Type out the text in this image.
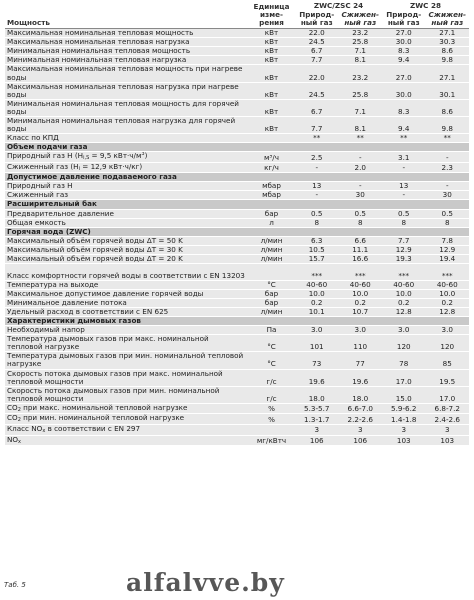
Мощность	Единица изме-рения	ZWC/ZSC 24		ZWC 28	
		Природ-ный газ	Сжижен-ный газ	Природ-ный газ	Сжижен-ный газ
Максимальная номинальная тепловая мощность	кВт	22.0	23.2	27.0	27.1
Максимальная номинальная тепловая нагрузка	кВт	24.5	25.8	30.0	30.3
Минимальная номинальная тепловая мощность	кВт	6.7	7.1	8.3	8.6
Минимальная номинальная тепловая нагрузка	кВт	7.7	8.1	9.4	9.8
Максимальная номинальная тепловая мощность при нагреве воды	кВт	22.0	23.2	27.0	27.1
Максимальная номинальная тепловая нагрузка при нагреве воды	кВт	24.5	25.8	30.0	30.1
Минимальная номинальная тепловая мощность для горячей воды	кВт	6.7	7.1	8.3	8.6
Минимальная номинальная тепловая нагрузка для горячей воды	кВт	7.7	8.1	9.4	9.8
Класс по КПД		**	**	**	**
Объем подачи газа					
Природный газ H ($H_{i,S} = 9,5$ $кВт\cdot ч/м^3$)	м³/ч	2.5	-	3.1	-
Сжиженный газ ($H_i = 12,9$ кВт·ч/кг)	кг/ч	-	2.0	-	2.3
Допустимое давление подаваемого газа					
Природный газ H	мбар	13	-	13	-
Сжиженный газ	мбар	-	30	-	30
Расширительный бак					
Предварительное давление	бар	0.5	0.5	0.5	0.5
Общая емкость	л	8	8	8	8
Горячая вода (ZWC)					
Максимальный объём горячей воды ΔT = 50 K	л/мин	6.3	6.6	7.7	7.8
Максимальный объём горячей воды ΔT = 30 K	л/мин	10.5	11.1	12.9	12.9
Максимальный объём горячей воды ΔT = 20 K	л/мин	15.7	16.6	19.3	19.4
Класс комфортности горячей воды в соответствии с EN 13203		***	***	***	***
Температура на выходе	°C	40-60	40-60	40-60	40-60
Максимальное допустимое давление горячей воды	бар	10.0	10.0	10.0	10.0
Минимальное давление потока	бар	0.2	0.2	0.2	0.2
Удельный расход в соответствии с EN 625	л/мин	10.1	10.7	12.8	12.8
Характеристики дымовых газов					
Необходимый напор	Па	3.0	3.0	3.0	3.0
Температура дымовых газов при макс. номинальной тепловой нагрузке	°C	101	110	120	120
Температура дымовых газов при мин. номинальной тепловой нагрузке	°C	73	77	78	85
Скорость потока дымовых газов при макс. номинальной тепловой мощности	г/с	19.6	19.6	17.0	19.5
Скорость потока дымовых газов при мин. номинальной тепловой мощности	г/с	18.0	18.0	15.0	17.0
$CO_2$ при макс. номинальной тепловой нагрузке	%	5.3-5.7	6.6-7.0	5.9-6.2	6.8-7.2
$CO_2$ при мин. номинальной тепловой нагрузке	%	1.3-1.7	2.2-2.6	1.4-1.8	2.4-2.6
Класс $NO_x$ в соответствии с EN 297		3	3	3	3
$NO_x$	мг/кВтч	106	106	103	103
Таб. 5	alfalvve.by
